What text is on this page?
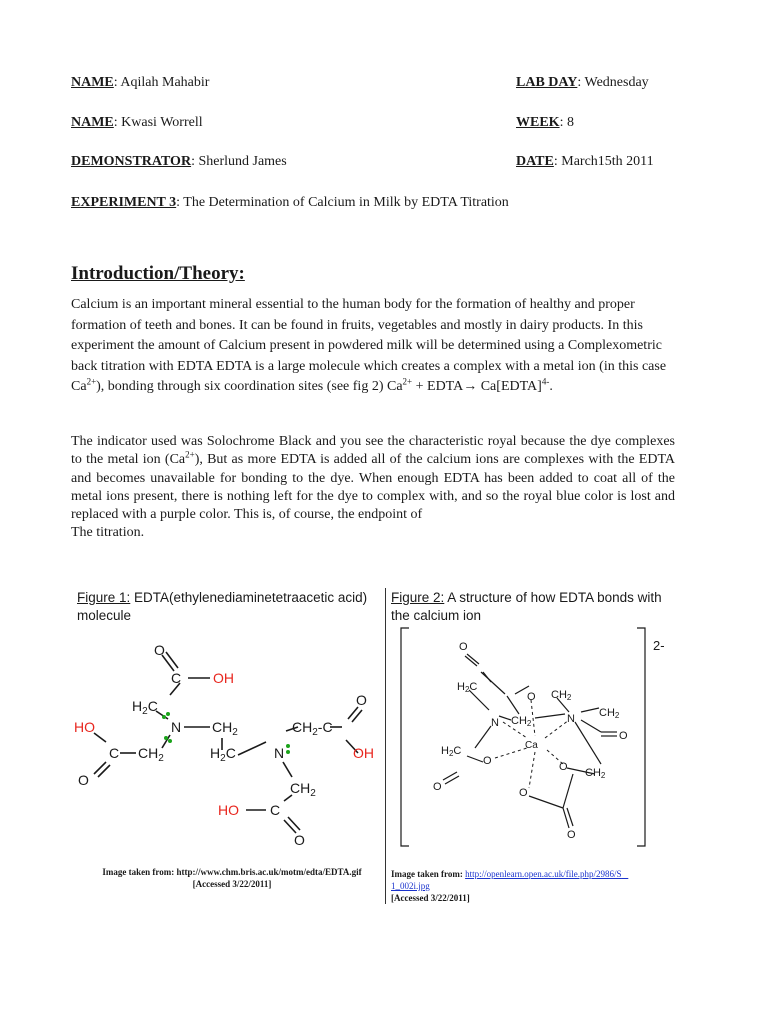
NAME: Aqilah Mahabir	LAB DAY: Wednesday
NAME: Kwasi Worrell	WEEK: 8
DEMONSTRATOR: Sherlund James	DATE: March15th 2011
EXPERIMENT 3: The Determination of Calcium in Milk by EDTA Titration
Introduction/Theory:

Calcium is an important mineral essential to the human body for the formation of healthy and proper formation of teeth and bones. It can be found in fruits, vegetables and mostly in dairy products. In this experiment the amount of Calcium present in powdered milk will be determined using a Complexometric back titration with EDTA EDTA is a large molecule which creates a complex with a metal ion (in this case $Ca^{2+}$), bonding through six coordination sites (see fig 2) $Ca^{2+}$ + EDTA→ Ca[EDTA]$^{4-}$.

The indicator used was Solochrome Black and you see the characteristic royal because the dye complexes to the metal ion $(Ca^{2+})$, But as more EDTA is added all of the calcium ions are complexes with the EDTA and becomes unavailable for bonding to the dye. When enough EDTA has been added to coat all of the metal ions present, there is nothing left for the dye to complex with, and so the royal blue color is lost and replaced with a purple color. This is, of course, the endpoint of
The titration.

Figure 1: EDTA(ethylenediaminetetraacetic acid) molecule
Figure 2: A structure of how EDTA bonds with the calcium ion
O
C OH
$H_2C$
N $CH_2$
HO
C $CH_2$
O
$H_2C$	N
$CH_2-C$
O
OH
$CH_2$
HO C
O
Image taken from: http://www.chm.bris.ac.uk/motm/edta/EDTA.gif
[Accessed 3/22/2011]
O
H2C
O CH2
N CH2	N CH2
O
Ca
H2C
O
O
O CH2
O
O
2-
Image taken from: http://openlearn.open.ac.uk/file.php/2986/S
1_002i.jpg
[Accessed 3/22/2011]
